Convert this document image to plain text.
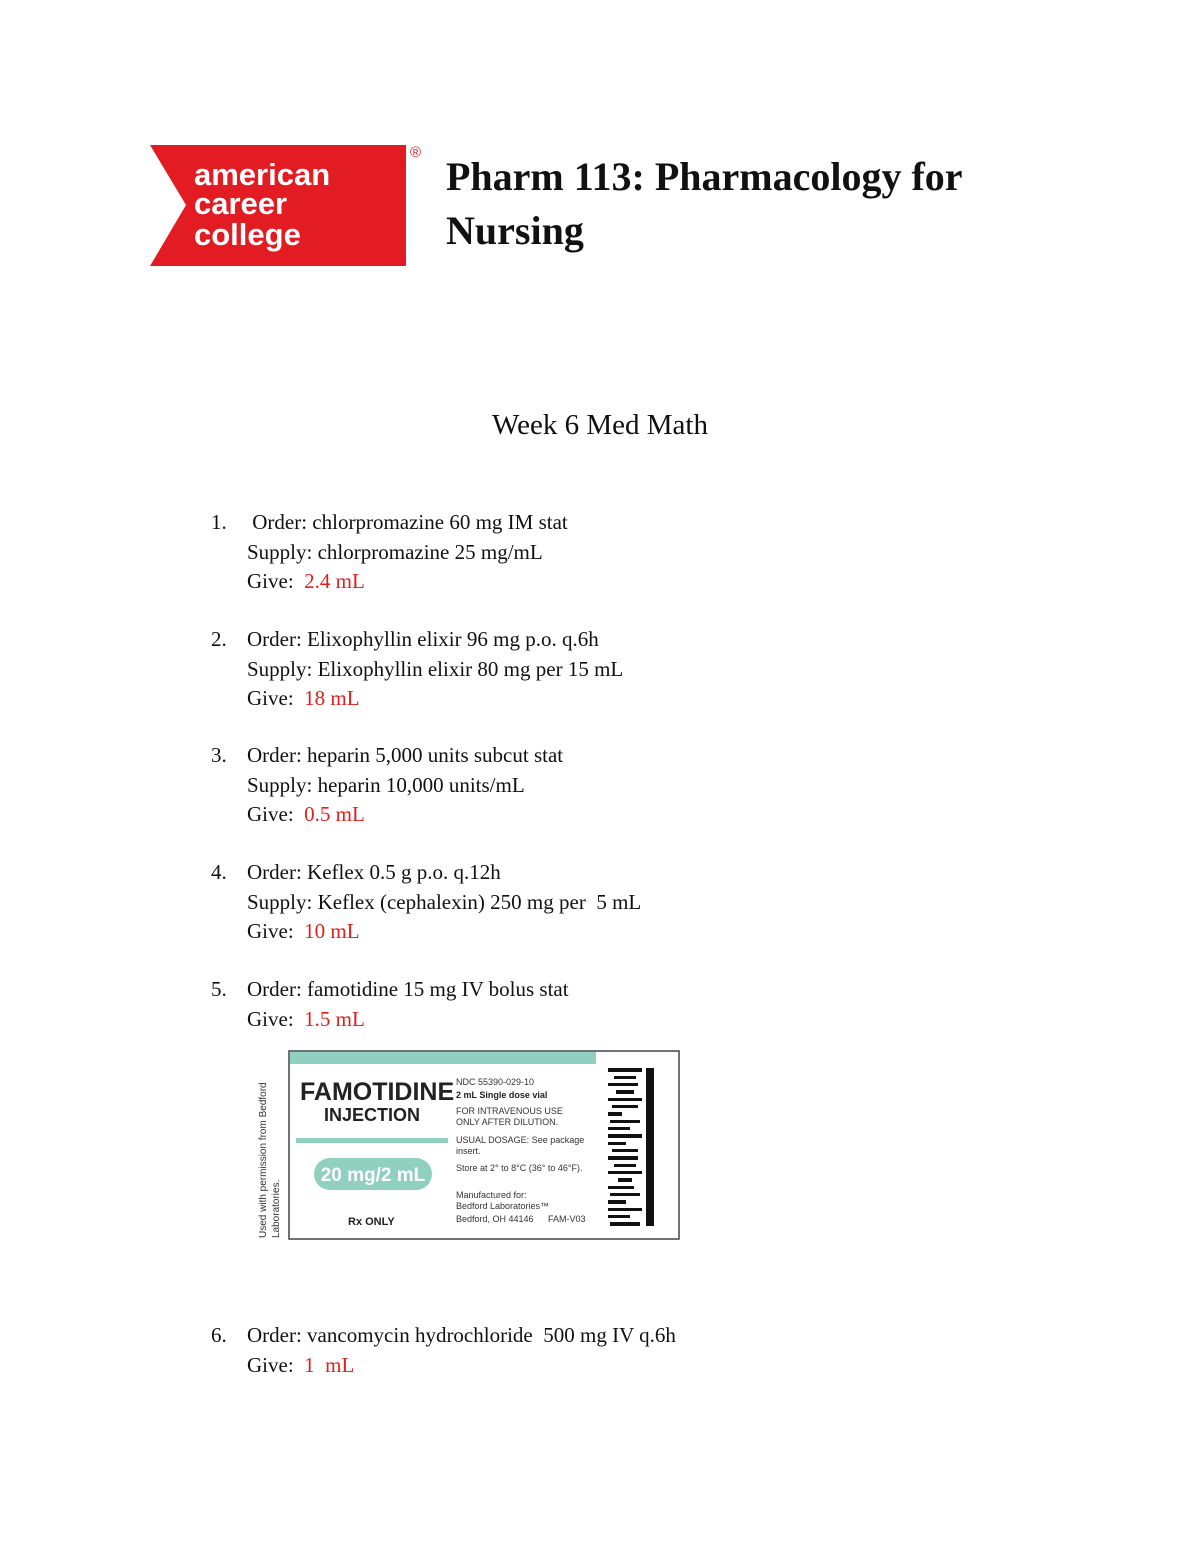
american
career
college
®
Pharm 113: Pharmacology for
Nursing
Week 6 Med Math
1. Order: chlorpromazine 60 mg IM stat
Supply: chlorpromazine 25 mg/mL
Give:  2.4 mL
2. Order: Elixophyllin elixir 96 mg p.o. q.6h
Supply: Elixophyllin elixir 80 mg per 15 mL
Give:  18 mL
3. Order: heparin 5,000 units subcut stat
Supply: heparin 10,000 units/mL
Give:  0.5 mL
4. Order: Keflex 0.5 g p.o. q.12h
Supply: Keflex (cephalexin) 250 mg per  5 mL
Give:  10 mL
5. Order: famotidine 15 mg IV bolus stat
Give:  1.5 mL
Used with permission from Bedford Laboratories.
FAMOTIDINE
INJECTION
20 mg/2 mL
Rx ONLY
NDC 55390-029-10
2 mL Single dose vial
FOR INTRAVENOUS USE
ONLY AFTER DILUTION.
USUAL DOSAGE: See package
insert.
Store at 2° to 8°C (36° to 46°F).
Manufactured for:
Bedford Laboratories™
Bedford, OH 44146 FAM-V03
6. Order: vancomycin hydrochloride  500 mg IV q.6h
Give:  1  mL
